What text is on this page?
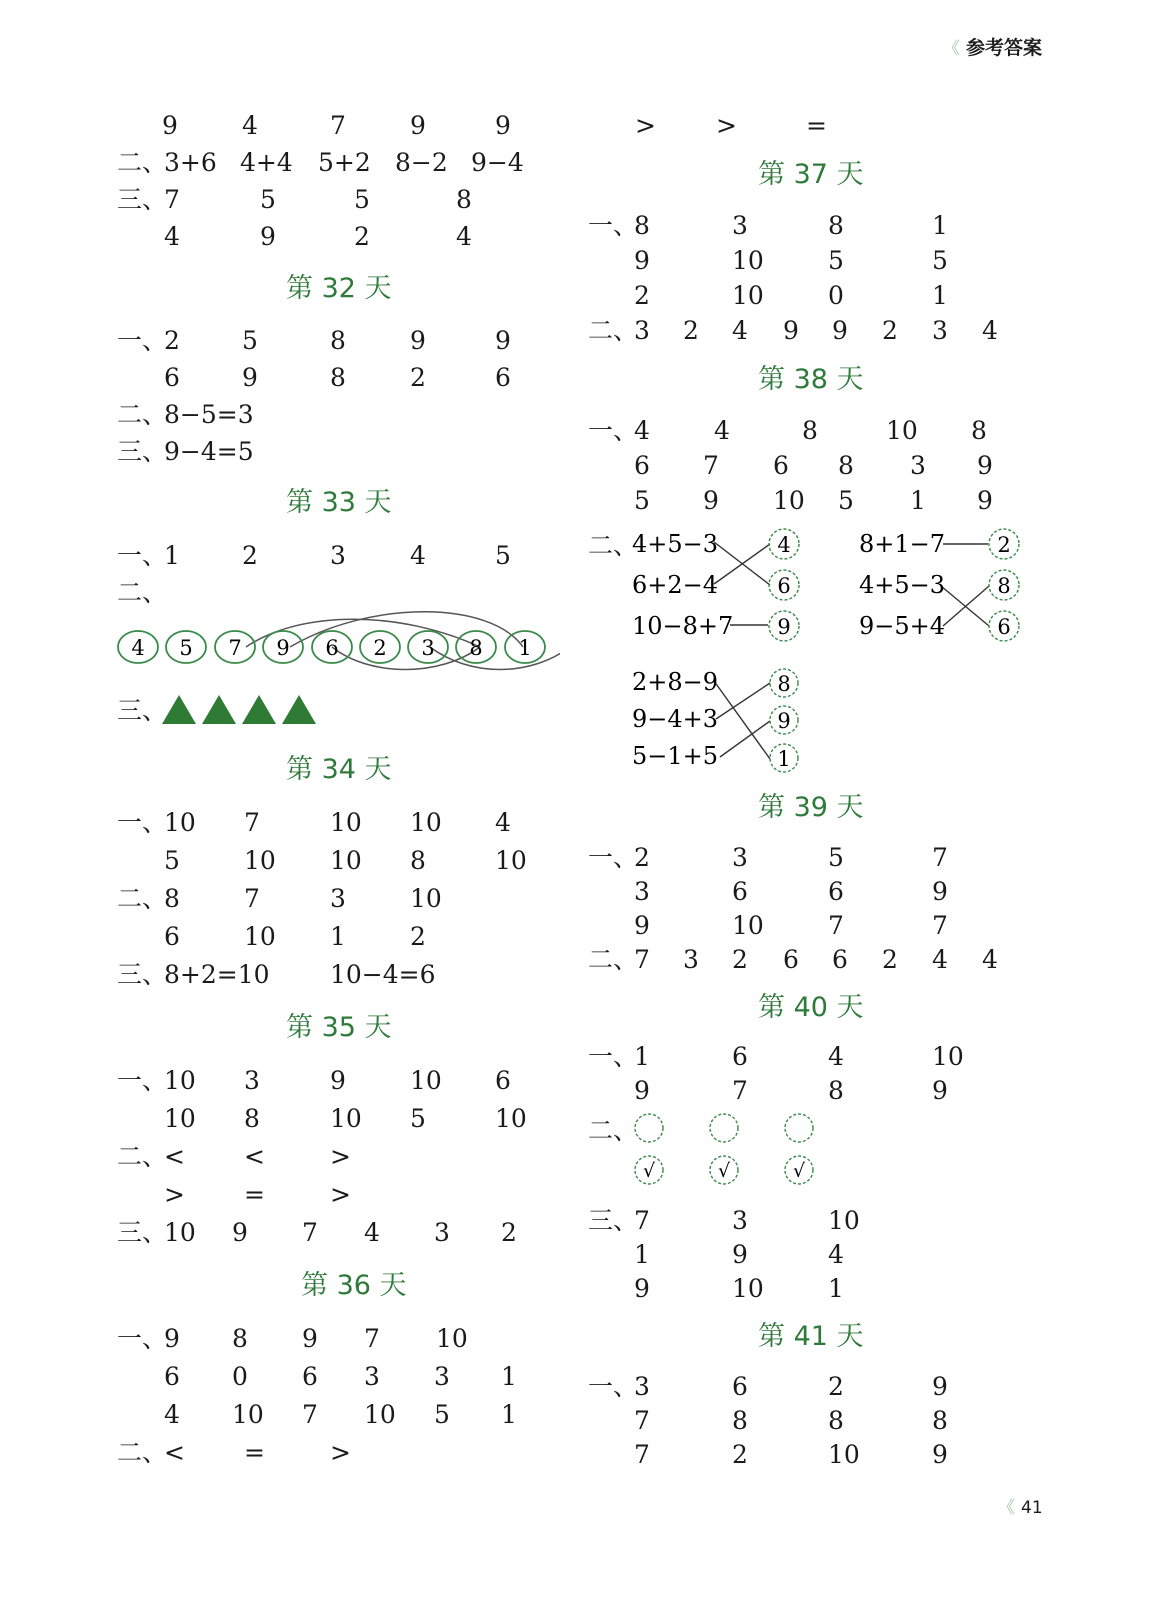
《 参考答案
9	4	7	9	9
二、
3+6 4+4 5+2 8−2 9−4
三、
7	5	5	8
4	9	2	4
第 32 天
一、
2 5	8	9	9
6 9	8	2	6
二、
8−5=3
三、
9−4=5
第 33 天
一、
1 2	3	4	5
二、
4 5 7 9 6 2 3 8 1
三、
第 34 天
一、
10 7	10 10 4
5	10 10 8	10
二、
8	7	3	10
6	10 1	2
三、
8+2=10 10−4=6
第 35 天
一、
10 3	9	10 6
10 8	10 5	10
二、
< <	>
> =	>
三、
10 9 7 4 3 2
第 36 天
一、
9 8 9 7 10
6 0 6 3 3 1
4 10 7 10 5 1
二、
< =	>
> >	=
第 37 天
一、
8	3	8	1
9	10	5	5
2	10	0	1
二、
3 2 4 9 9 2 3 4
第 38 天
一、
4	4	8	10 8
6 7 6 8 3 9
5 9 10 5 1 9
二、
4+5−3
6+2−4
10−8+7
4
6
9
8+1−7
4+5−3
9−5+4
2
8
6
2+8−9
9−4+3
5−1+5
8
9
1
第 39 天
一、
2	3	5	7
3	6	6	9
9	10	7	7
二、
7 3 2 6 6 2 4 4
第 40 天
一、
1	6	4	10
9	7	8	9
二、
√	√	√
三、
7	3	10
1	9	4
9	10	1
第 41 天
一、
3	6	2	9
7	8	8	8
7	2	10	9
《 41
